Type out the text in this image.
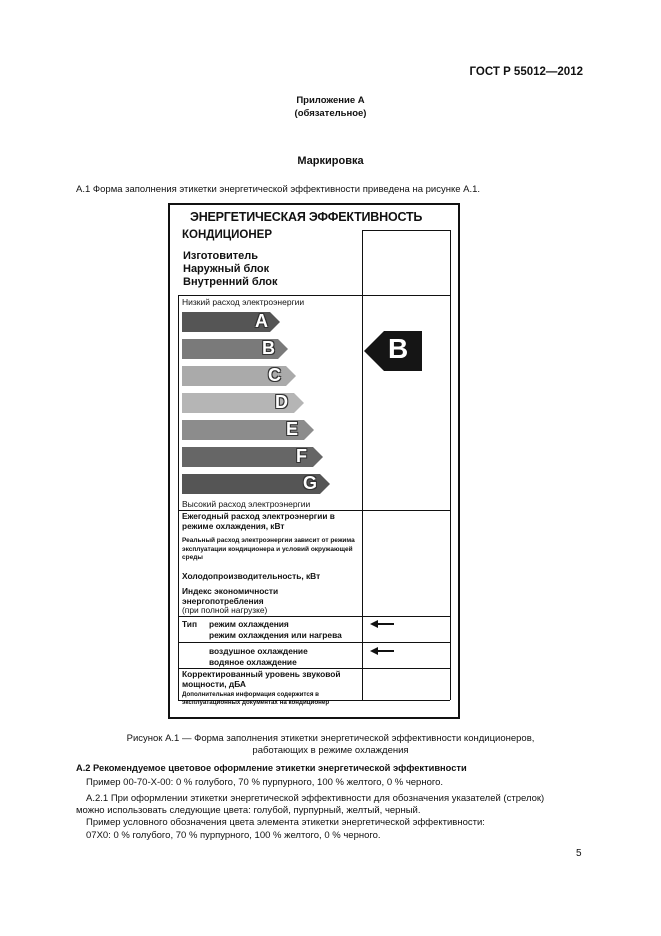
ГОСТ Р 55012—2012
Приложение А
(обязательное)
Маркировка
А.1 Форма заполнения этикетки энергетической эффективности приведена на рисунке А.1.
ЭНЕРГЕТИЧЕСКАЯ ЭФФЕКТИВНОСТЬ
КОНДИЦИОНЕР
Изготовитель
Наружный блок
Внутренний блок
Низкий расход электроэнергии
A
B
C
D
E
F
G
B
Высокий расход электроэнергии
Ежегодный расход электроэнергии в режиме охлаждения, кВт
Реальный расход электроэнергии зависит от режима эксплуатации кондиционера и условий окружающей среды
Холодопроизводительность, кВт
Индекс экономичности энергопотребления
(при полной нагрузке)
Тип режим охлаждения
режим охлаждения или нагрева
воздушное охлаждение
водяное охлаждение
Корректированный уровень звуковой мощности, дБА
Дополнительная информация содержится в эксплуатационных документах на кондиционер
Рисунок А.1 — Форма заполнения этикетки энергетической эффективности кондиционеров,
работающих в режиме охлаждения
А.2 Рекомендуемое цветовое оформление этикетки энергетической эффективности
Пример 00-70-Х-00: 0 % голубого, 70 % пурпурного, 100 % желтого, 0 % черного.
А.2.1 При оформлении этикетки энергетической эффективности для обозначения указателей (стрелок)
можно использовать следующие цвета: голубой, пурпурный, желтый, черный.
Пример условного обозначения цвета элемента этикетки энергетической эффективности:
07Х0: 0 % голубого, 70 % пурпурного, 100 % желтого, 0 % черного.
5
